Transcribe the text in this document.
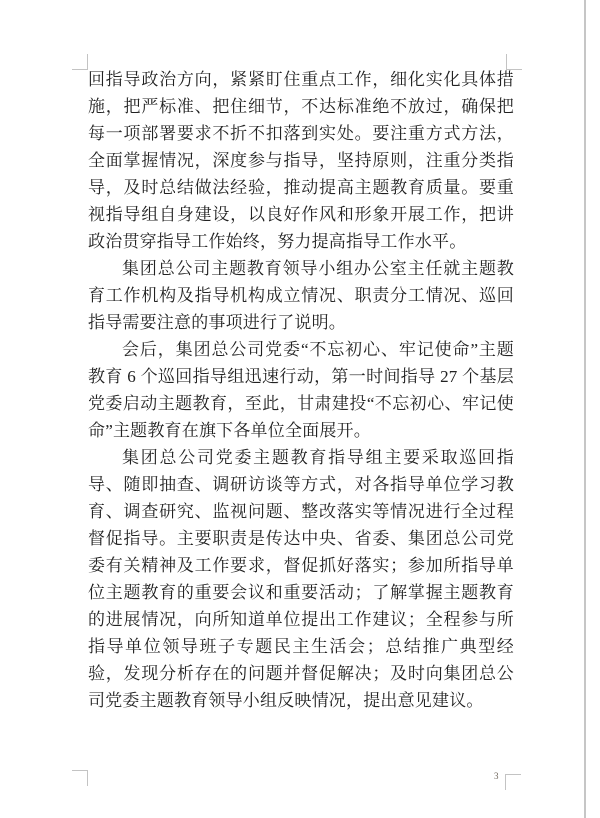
回指导政治方向，紧紧盯住重点工作，细化实化具体措施，把严标准、把住细节，不达标准绝不放过，确保把每一项部署要求不折不扣落到实处。要注重方式方法，全面掌握情况，深度参与指导，坚持原则，注重分类指导，及时总结做法经验，推动提高主题教育质量。要重视指导组自身建设，以良好作风和形象开展工作，把讲政治贯穿指导工作始终，努力提高指导工作水平。

集团总公司主题教育领导小组办公室主任就主题教育工作机构及指导机构成立情况、职责分工情况、巡回指导需要注意的事项进行了说明。

会后，集团总公司党委“不忘初心、牢记使命”主题教育 6 个巡回指导组迅速行动，第一时间指导 27 个基层党委启动主题教育，至此，甘肃建投“不忘初心、牢记使命”主题教育在旗下各单位全面展开。

集团总公司党委主题教育指导组主要采取巡回指导、随即抽查、调研访谈等方式，对各指导单位学习教育、调查研究、监视问题、整改落实等情况进行全过程督促指导。主要职责是传达中央、省委、集团总公司党委有关精神及工作要求，督促抓好落实；参加所指导单位主题教育的重要会议和重要活动；了解掌握主题教育的进展情况，向所知道单位提出工作建议；全程参与所指导单位领导班子专题民主生活会；总结推广典型经验，发现分析存在的问题并督促解决；及时向集团总公司党委主题教育领导小组反映情况，提出意见建议。

3
